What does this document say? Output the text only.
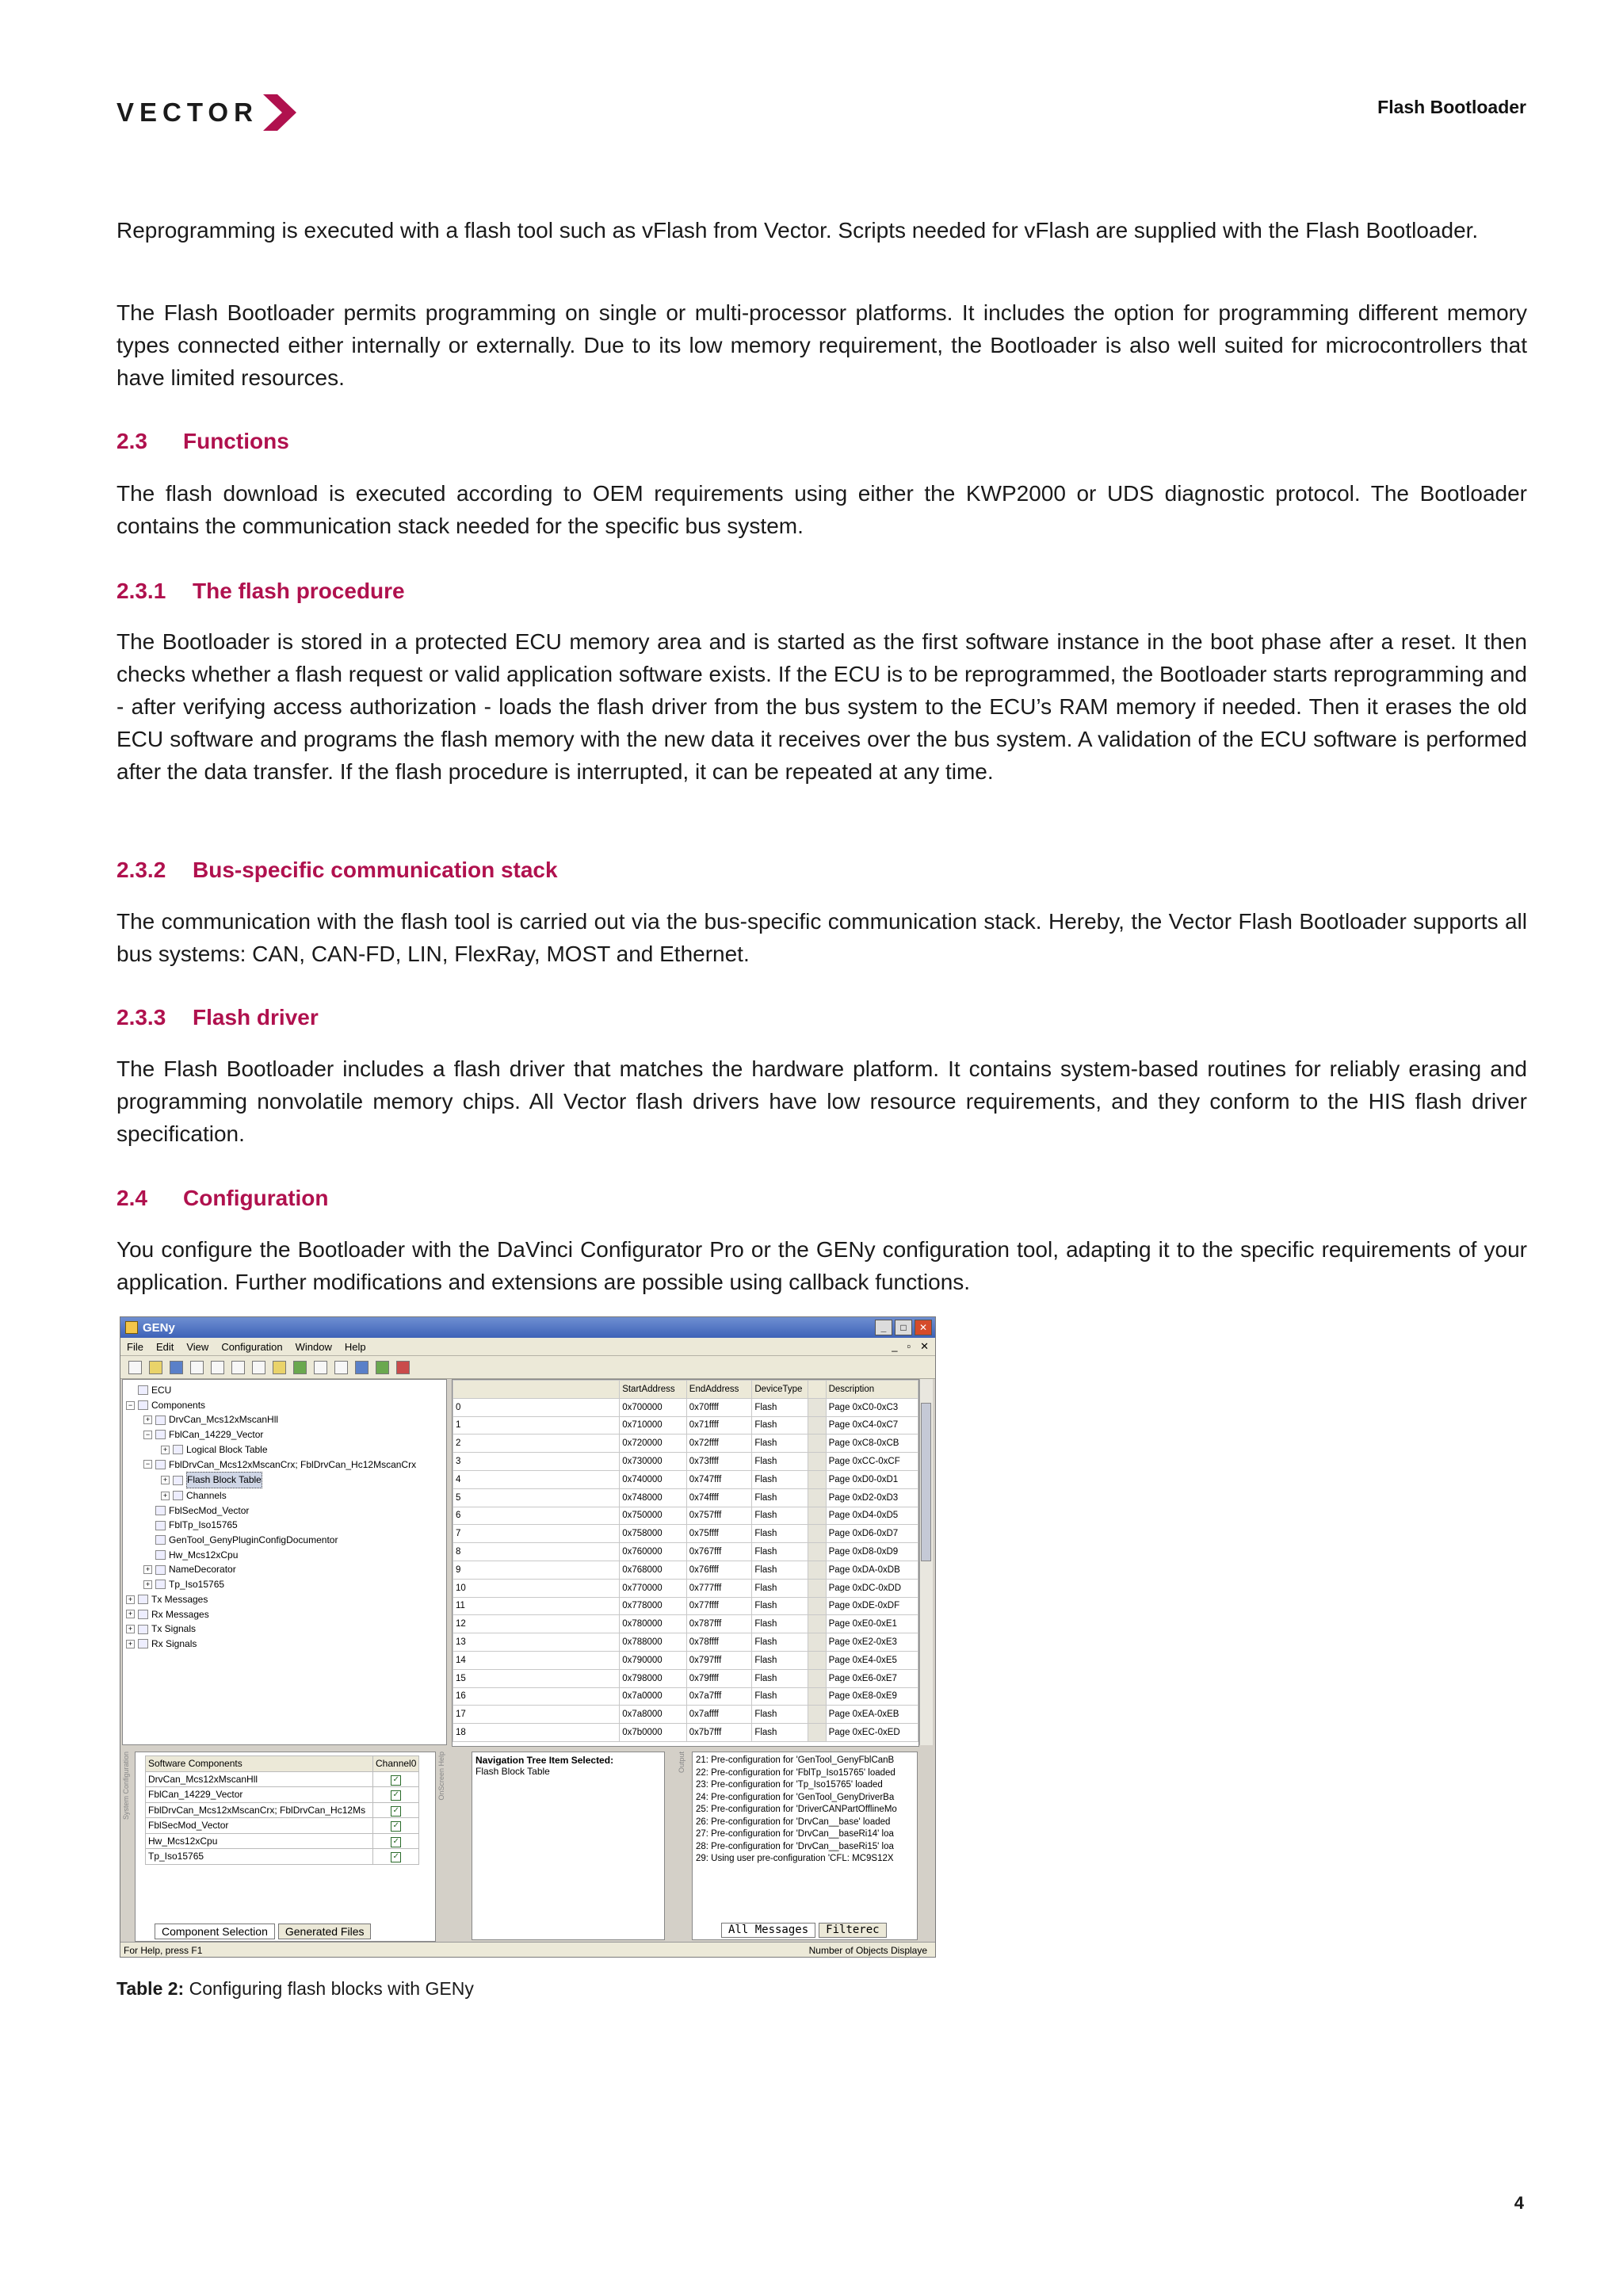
VECTOR	Flash Bootloader

Reprogramming is executed with a flash tool such as vFlash from Vector. Scripts needed for vFlash are supplied with the Flash Bootloader.

The Flash Bootloader permits programming on single or multi-processor platforms. It includes the option for programming different memory types connected either internally or externally. Due to its low memory requirement, the Bootloader is also well suited for microcontrollers that have limited resources.

2.3 Functions

The flash download is executed according to OEM requirements using either the KWP2000 or UDS diagnostic protocol. The Bootloader contains the communication stack needed for the specific bus system.

2.3.1 The flash procedure

The Bootloader is stored in a protected ECU memory area and is started as the first software instance in the boot phase after a reset. It then checks whether a flash request or valid application software exists. If the ECU is to be reprogrammed, the Bootloader starts reprogramming and - after verifying access authorization - loads the flash driver from the bus system to the ECU’s RAM memory if needed. Then it erases the old ECU software and programs the flash memory with the new data it receives over the bus system. A validation of the ECU software is performed after the data transfer. If the flash procedure is interrupted, it can be repeated at any time.

2.3.2 Bus-specific communication stack

The communication with the flash tool is carried out via the bus-specific communication stack. Hereby, the Vector Flash Bootloader supports all bus systems: CAN, CAN-FD, LIN, FlexRay, MOST and Ethernet.

2.3.3 Flash driver

The Flash Bootloader includes a flash driver that matches the hardware platform. It contains system-based routines for reliably erasing and programming nonvolatile memory chips. All Vector flash drivers have low resource requirements, and they conform to the HIS flash driver specification.

2.4 Configuration

You configure the Bootloader with the DaVinci Configurator Pro or the GENy configuration tool, adapting it to the specific requirements of your application. Further modifications and extensions are possible using callback functions.

GENy	_	□	✕
File Edit View Configuration Window Help	_ ▫ ✕
ECU
− Components
+ DrvCan_Mcs12xMscanHll
− FblCan_14229_Vector
+ Logical Block Table
− FblDrvCan_Mcs12xMscanCrx; FblDrvCan_Hc12MscanCrx
+ Flash Block Table
+ Channels
FblSecMod_Vector
FblTp_Iso15765
GenTool_GenyPluginConfigDocumentor
Hw_Mcs12xCpu
+ NameDecorator
+ Tp_Iso15765
+ Tx Messages
+ Rx Messages
+ Tx Signals
+ Rx Signals
	StartAddress	EndAddress	DeviceType		Description
0	0x700000	0x70ffff	Flash		Page 0xC0-0xC3
1	0x710000	0x71ffff	Flash		Page 0xC4-0xC7
2	0x720000	0x72ffff	Flash		Page 0xC8-0xCB
3	0x730000	0x73ffff	Flash		Page 0xCC-0xCF
4	0x740000	0x747fff	Flash		Page 0xD0-0xD1
5	0x748000	0x74ffff	Flash		Page 0xD2-0xD3
6	0x750000	0x757fff	Flash		Page 0xD4-0xD5
7	0x758000	0x75ffff	Flash		Page 0xD6-0xD7
8	0x760000	0x767fff	Flash		Page 0xD8-0xD9
9	0x768000	0x76ffff	Flash		Page 0xDA-0xDB
10	0x770000	0x777fff	Flash		Page 0xDC-0xDD
11	0x778000	0x77ffff	Flash		Page 0xDE-0xDF
12	0x780000	0x787fff	Flash		Page 0xE0-0xE1
13	0x788000	0x78ffff	Flash		Page 0xE2-0xE3
14	0x790000	0x797fff	Flash		Page 0xE4-0xE5
15	0x798000	0x79ffff	Flash		Page 0xE6-0xE7
16	0x7a0000	0x7a7fff	Flash		Page 0xE8-0xE9
17	0x7a8000	0x7affff	Flash		Page 0xEA-0xEB
18	0x7b0000	0x7b7fff	Flash		Page 0xEC-0xED
System Configuration Software Components	Channel0
DrvCan_Mcs12xMscanHll	✓
FblCan_14229_Vector	✓
FblDrvCan_Mcs12xMscanCrx; FblDrvCan_Hc12Ms	✓
FblSecMod_Vector	✓
Hw_Mcs12xCpu	✓
Tp_Iso15765	✓
Component Selection	Generated Files
OnScreen Help	Navigation Tree Item Selected:
Flash Block Table	Output 21: Pre-configuration for 'GenTool_GenyFblCanB
22: Pre-configuration for 'FblTp_Iso15765' loaded
23: Pre-configuration for 'Tp_Iso15765' loaded
24: Pre-configuration for 'GenTool_GenyDriverBa
25: Pre-configuration for 'DriverCANPartOfflineMo
26: Pre-configuration for 'DrvCan__base' loaded
27: Pre-configuration for 'DrvCan__baseRi14' loa
28: Pre-configuration for 'DrvCan__baseRi15' loa
29: Using user pre-configuration 'CFL: MC9S12X
All Messages	Filterec
For Help, press F1	Number of Objects Displaye
Table 2: Configuring flash blocks with GENy
4
